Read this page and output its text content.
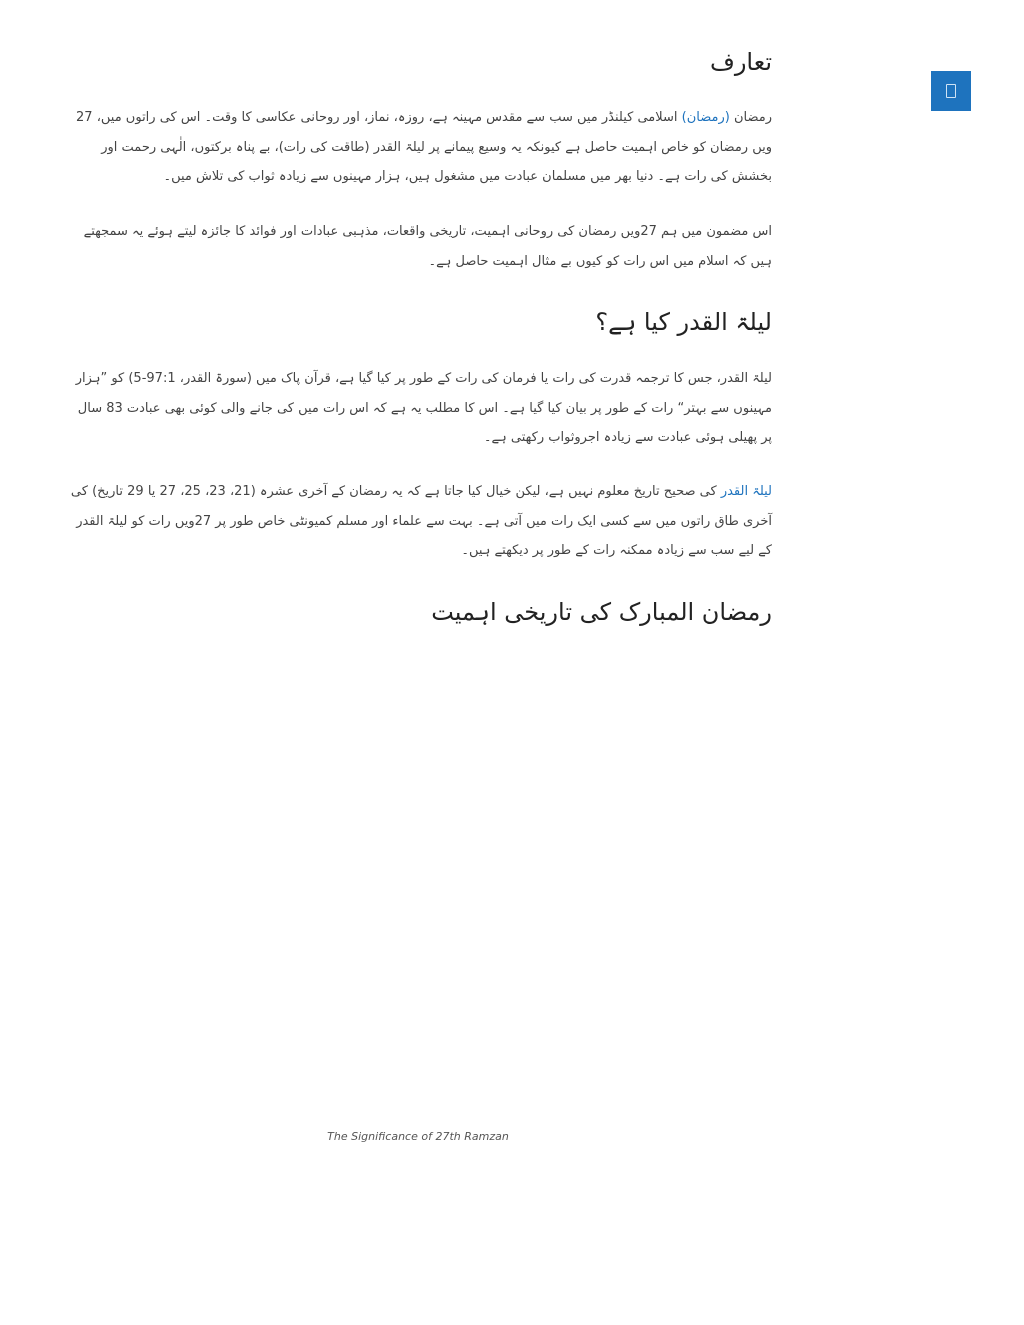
تعارف

رمضان (رمضان) اسلامی کیلنڈر میں سب سے مقدس مہینہ ہے، روزہ، نماز، اور روحانی عکاسی کا وقت۔ اس کی راتوں میں، 27 ویں رمضان کو خاص اہمیت حاصل ہے کیونکہ یہ وسیع پیمانے پر لیلۃ القدر (طاقت کی رات)، بے پناہ برکتوں، الٰہی رحمت اور بخشش کی رات ہے۔ دنیا بھر میں مسلمان عبادت میں مشغول ہیں، ہزار مہینوں سے زیادہ ثواب کی تلاش میں۔

اس مضمون میں ہم 27ویں رمضان کی روحانی اہمیت، تاریخی واقعات، مذہبی عبادات اور فوائد کا جائزہ لیتے ہوئے یہ سمجھتے ہیں کہ اسلام میں اس رات کو کیوں بے مثال اہمیت حاصل ہے۔

لیلۃ القدر کیا ہے؟

لیلۃ القدر، جس کا ترجمہ قدرت کی رات یا فرمان کی رات کے طور پر کیا گیا ہے، قرآن پاک میں (سورۃ القدر، 97:1-5) کو ”ہزار مہینوں سے بہتر“ رات کے طور پر بیان کیا گیا ہے۔ اس کا مطلب یہ ہے کہ اس رات میں کی جانے والی کوئی بھی عبادت 83 سال پر پھیلی ہوئی عبادت سے زیادہ اجروثواب رکھتی ہے۔

لیلۃ القدر کی صحیح تاریخ معلوم نہیں ہے، لیکن خیال کیا جاتا ہے کہ یہ رمضان کے آخری عشرہ (21، 23، 25، 27 یا 29 تاریخ) کی آخری طاق راتوں میں سے کسی ایک رات میں آتی ہے۔ بہت سے علماء اور مسلم کمیونٹی خاص طور پر 27ویں رات کو لیلۃ القدر کے لیے سب سے زیادہ ممکنہ رات کے طور پر دیکھتے ہیں۔

رمضان المبارک کی تاریخی اہمیت
The Significance of 27th Ramzan
